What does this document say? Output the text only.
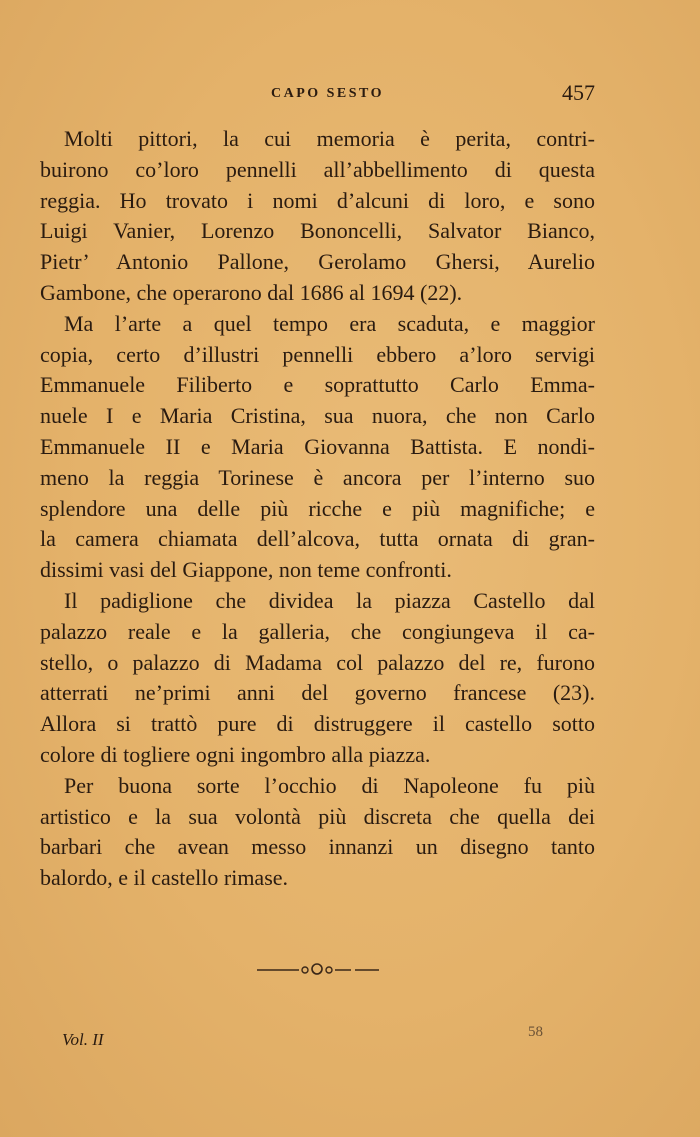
CAPO SESTO	457

Molti pittori, la cui memoria è perita, contri-
buirono co’loro pennelli all’abbellimento di questa
reggia. Ho trovato i nomi d’alcuni di loro, e sono
Luigi Vanier, Lorenzo Bononcelli, Salvator Bianco,
Pietr’ Antonio Pallone, Gerolamo Ghersi, Aurelio
Gambone, che operarono dal 1686 al 1694 (22).

Ma l’arte a quel tempo era scaduta, e maggior
copia, certo d’illustri pennelli ebbero a’loro servigi
Emmanuele Filiberto e soprattutto Carlo Emma-
nuele I e Maria Cristina, sua nuora, che non Carlo
Emmanuele II e Maria Giovanna Battista. E nondi-
meno la reggia Torinese è ancora per l’interno suo
splendore una delle più ricche e più magnifiche; e
la camera chiamata dell’alcova, tutta ornata di gran-
dissimi vasi del Giappone, non teme confronti.

Il padiglione che dividea la piazza Castello dal
palazzo reale e la galleria, che congiungeva il ca-
stello, o palazzo di Madama col palazzo del re, furono
atterrati ne’primi anni del governo francese (23).
Allora si trattò pure di distruggere il castello sotto
colore di togliere ogni ingombro alla piazza.

Per buona sorte l’occhio di Napoleone fu più
artistico e la sua volontà più discreta che quella dei
barbari che avean messo innanzi un disegno tanto
balordo, e il castello rimase.

Vol. II	58
